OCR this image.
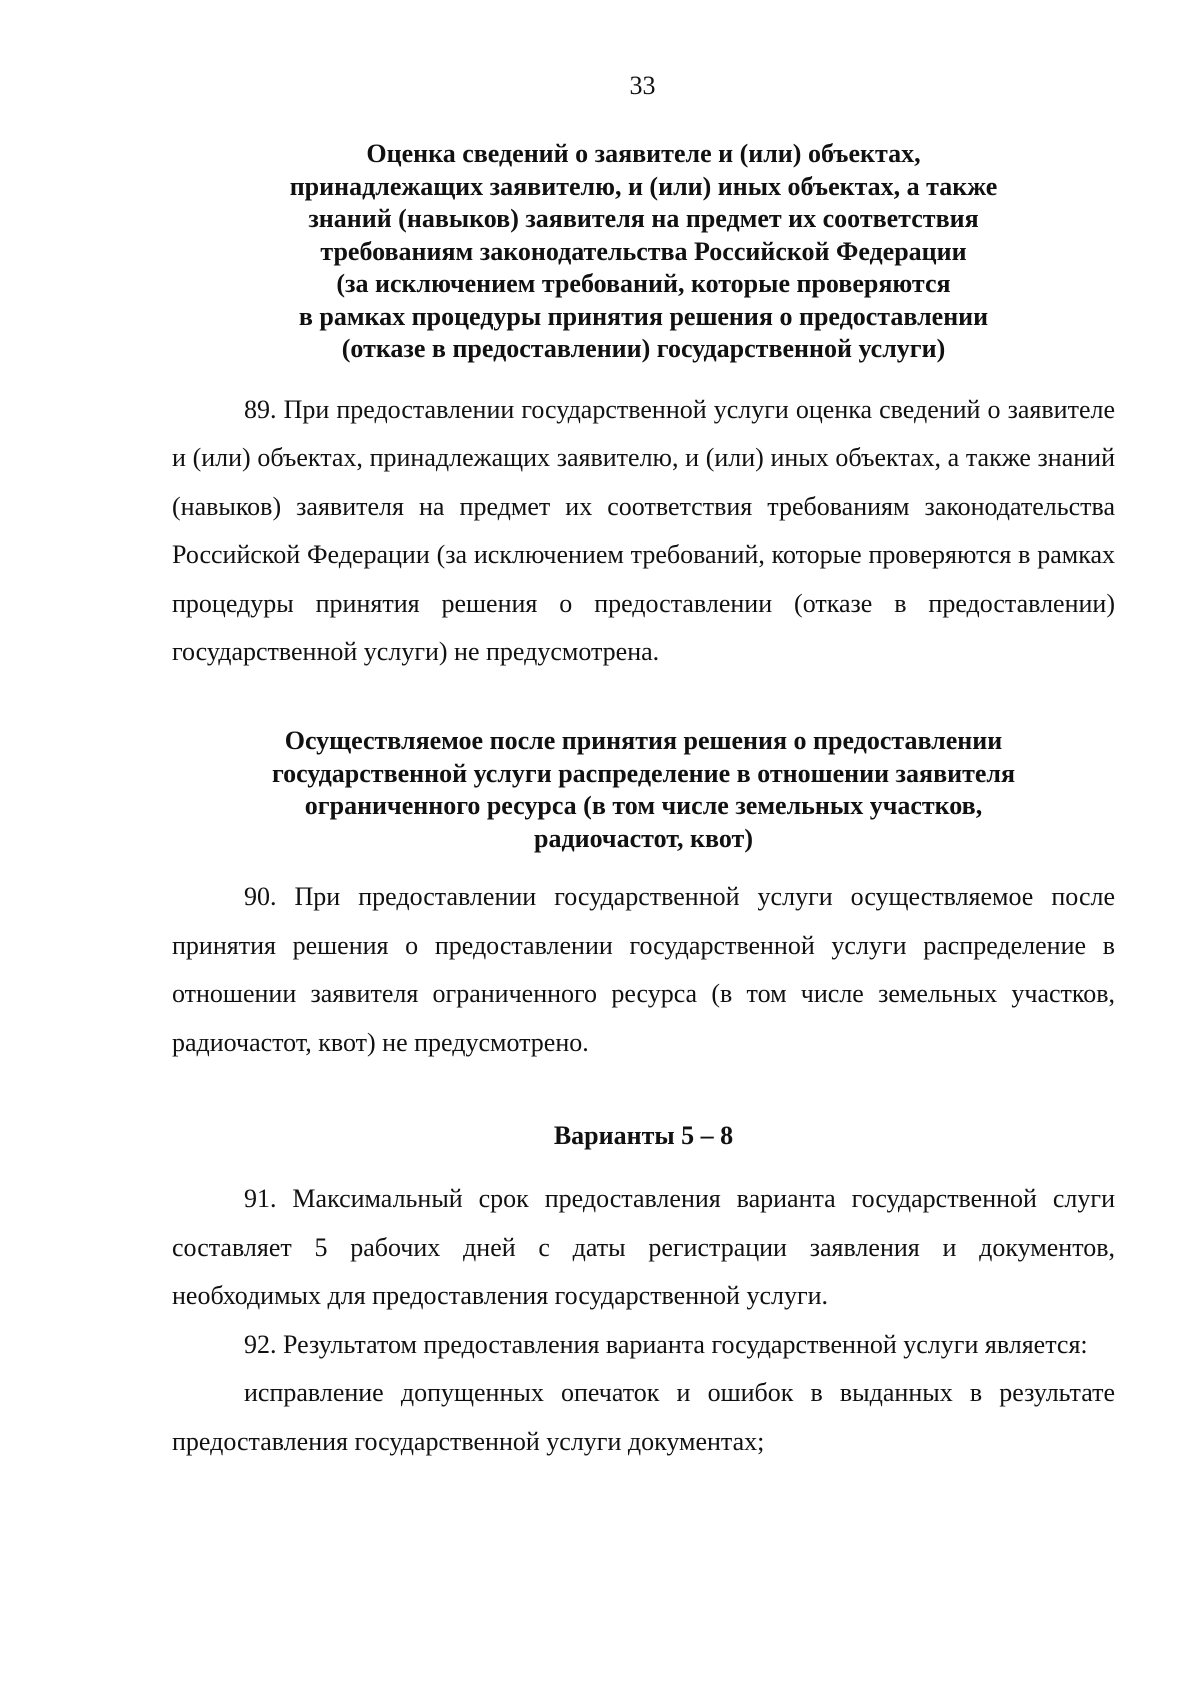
33
Оценка сведений о заявителе и (или) объектах,
принадлежащих заявителю, и (или) иных объектах, а также
знаний (навыков) заявителя на предмет их соответствия
требованиям законодательства Российской Федерации
(за исключением требований, которые проверяются
в рамках процедуры принятия решения о предоставлении
(отказе в предоставлении) государственной услуги)

89. При предоставлении государственной услуги оценка сведений о заявителе и (или) объектах, принадлежащих заявителю, и (или) иных объектах, а также знаний (навыков) заявителя на предмет их соответствия требованиям законодательства Российской Федерации (за исключением требований, которые проверяются в рамках процедуры принятия решения о предоставлении (отказе в предоставлении) государственной услуги) не предусмотрена.

Осуществляемое после принятия решения о предоставлении
государственной услуги распределение в отношении заявителя
ограниченного ресурса (в том числе земельных участков,
радиочастот, квот)

90. При предоставлении государственной услуги осуществляемое после принятия решения о предоставлении государственной услуги распределение в отношении заявителя ограниченного ресурса (в том числе земельных участков, радиочастот, квот) не предусмотрено.

Варианты 5 – 8

91. Максимальный срок предоставления варианта государственной слуги составляет 5 рабочих дней с даты регистрации заявления и документов, необходимых для предоставления государственной услуги.

92. Результатом предоставления варианта государственной услуги является:

исправление допущенных опечаток и ошибок в выданных в результате предоставления государственной услуги документах;
